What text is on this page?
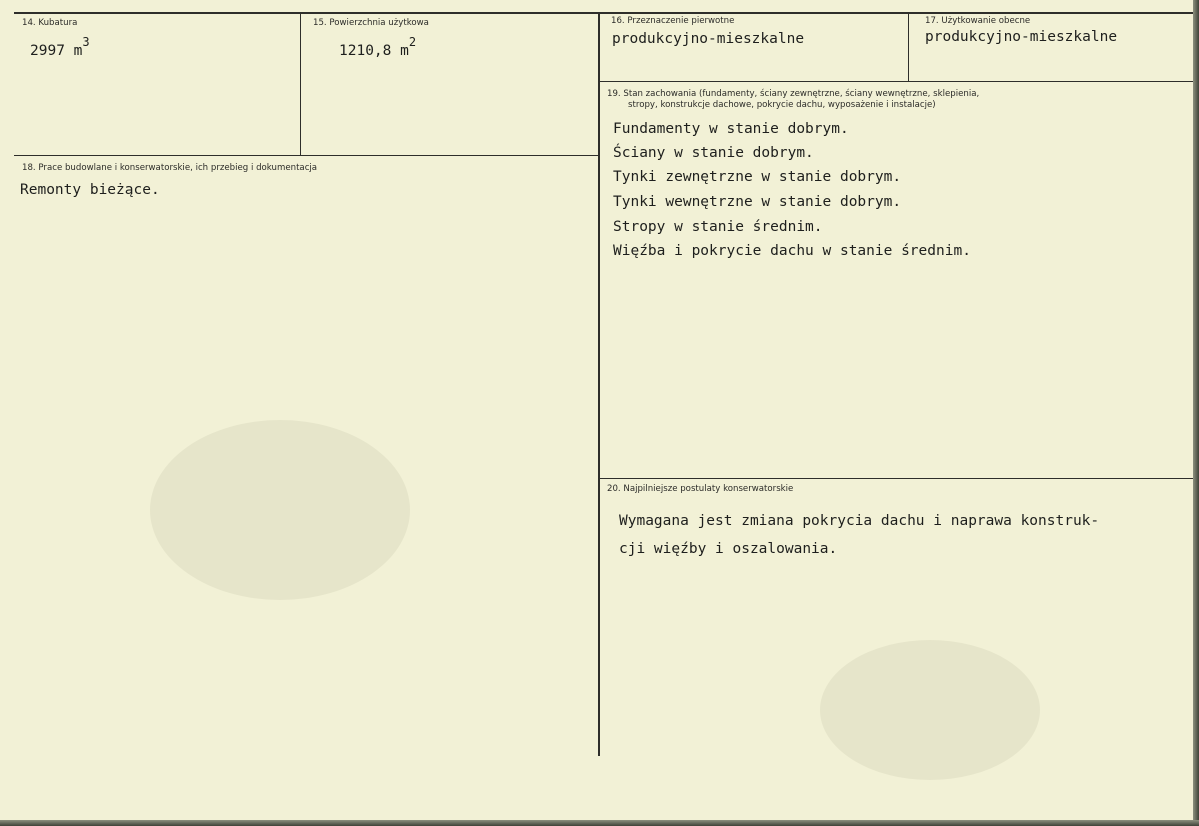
14. Kubatura
2997 $m^3$
15. Powierzchnia użytkowa
1210,8 $m^2$
16. Przeznaczenie pierwotne
produkcyjno-mieszkalne
17. Użytkowanie obecne
produkcyjno-mieszkalne
18. Prace budowlane i konserwatorskie, ich przebieg i dokumentacja
Remonty bieżące.
19. Stan zachowania (fundamenty, ściany zewnętrzne, ściany wewnętrzne, sklepienia,
stropy, konstrukcje dachowe, pokrycie dachu, wyposażenie i instalacje)
Fundamenty w stanie dobrym.
Ściany w stanie dobrym.
Tynki zewnętrzne w stanie dobrym.
Tynki wewnętrzne w stanie dobrym.
Stropy w stanie średnim.
Więźba i pokrycie dachu w stanie średnim.
20. Najpilniejsze postulaty konserwatorskie
Wymagana jest zmiana pokrycia dachu i naprawa konstruk-
cji więźby i oszalowania.
